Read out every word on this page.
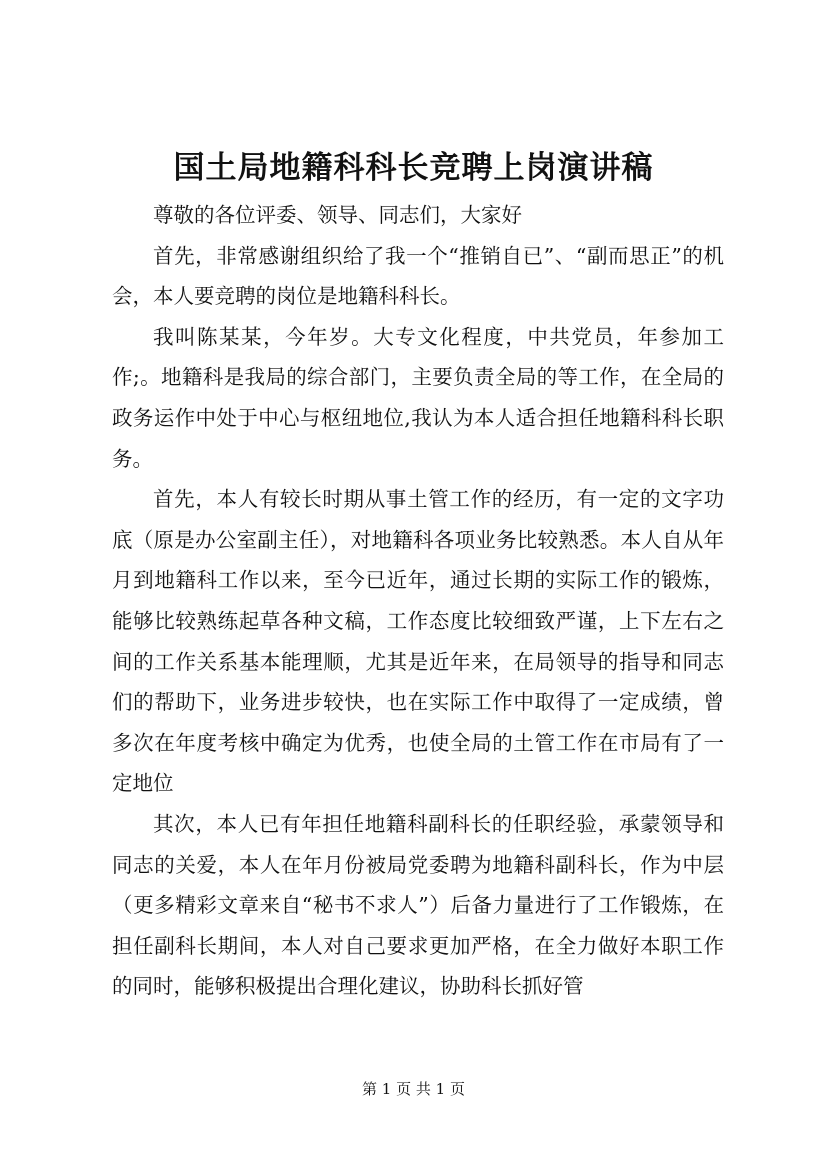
国土局地籍科科长竞聘上岗演讲稿

尊敬的各位评委、领导、同志们，大家好

首先，非常感谢组织给了我一个“推销自已”、“副而思正”的机会，本人要竞聘的岗位是地籍科科长。

我叫陈某某，今年岁。大专文化程度，中共党员，年参加工作;。地籍科是我局的综合部门，主要负责全局的等工作，在全局的政务运作中处于中心与枢纽地位,我认为本人适合担任地籍科科长职务。

首先，本人有较长时期从事土管工作的经历，有一定的文字功底（原是办公室副主任），对地籍科各项业务比较熟悉。本人自从年月到地籍科工作以来，至今已近年，通过长期的实际工作的锻炼，能够比较熟练起草各种文稿，工作态度比较细致严谨，上下左右之间的工作关系基本能理顺，尤其是近年来，在局领导的指导和同志们的帮助下，业务进步较快，也在实际工作中取得了一定成绩，曾多次在年度考核中确定为优秀，也使全局的土管工作在市局有了一定地位

其次，本人已有年担任地籍科副科长的任职经验，承蒙领导和同志的关爱，本人在年月份被局党委聘为地籍科副科长，作为中层（更多精彩文章来自“秘书不求人”）后备力量进行了工作锻炼，在担任副科长期间，本人对自己要求更加严格，在全力做好本职工作的同时，能够积极提出合理化建议，协助科长抓好管

第 1 页 共 1 页
